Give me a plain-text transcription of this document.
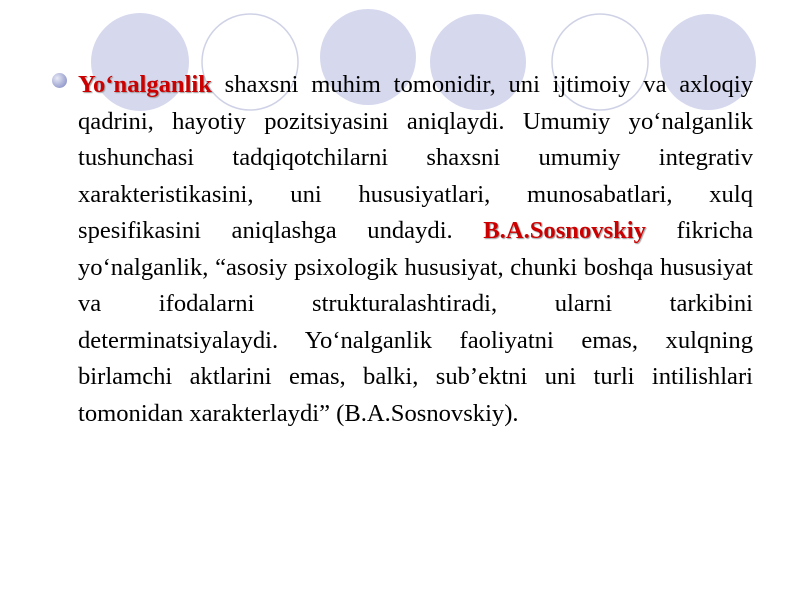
Yo‘nalganlik shaxsni muhim tomonidir, uni ijtimoiy va axloqiy qadrini, hayotiy pozitsiyasini aniqlaydi. Umumiy yo‘nalganlik tushunchasi tadqiqotchilarni shaxsni umumiy integrativ xarakteristikasini, uni hususiyatlari, munosabatlari, xulq spesifikasini aniqlashga undaydi. B.A.Sosnovskiy fikricha yo‘nalganlik, “asosiy psixologik hususiyat, chunki boshqa hususiyat va ifodalarni strukturalashtiradi, ularni tarkibini determinatsiyalaydi. Yo‘nalganlik faoliyatni emas, xulqning birlamchi aktlarini emas, balki, sub’ektni uni turli intilishlari tomonidan xarakterlaydi” (B.A.Sosnovskiy).
